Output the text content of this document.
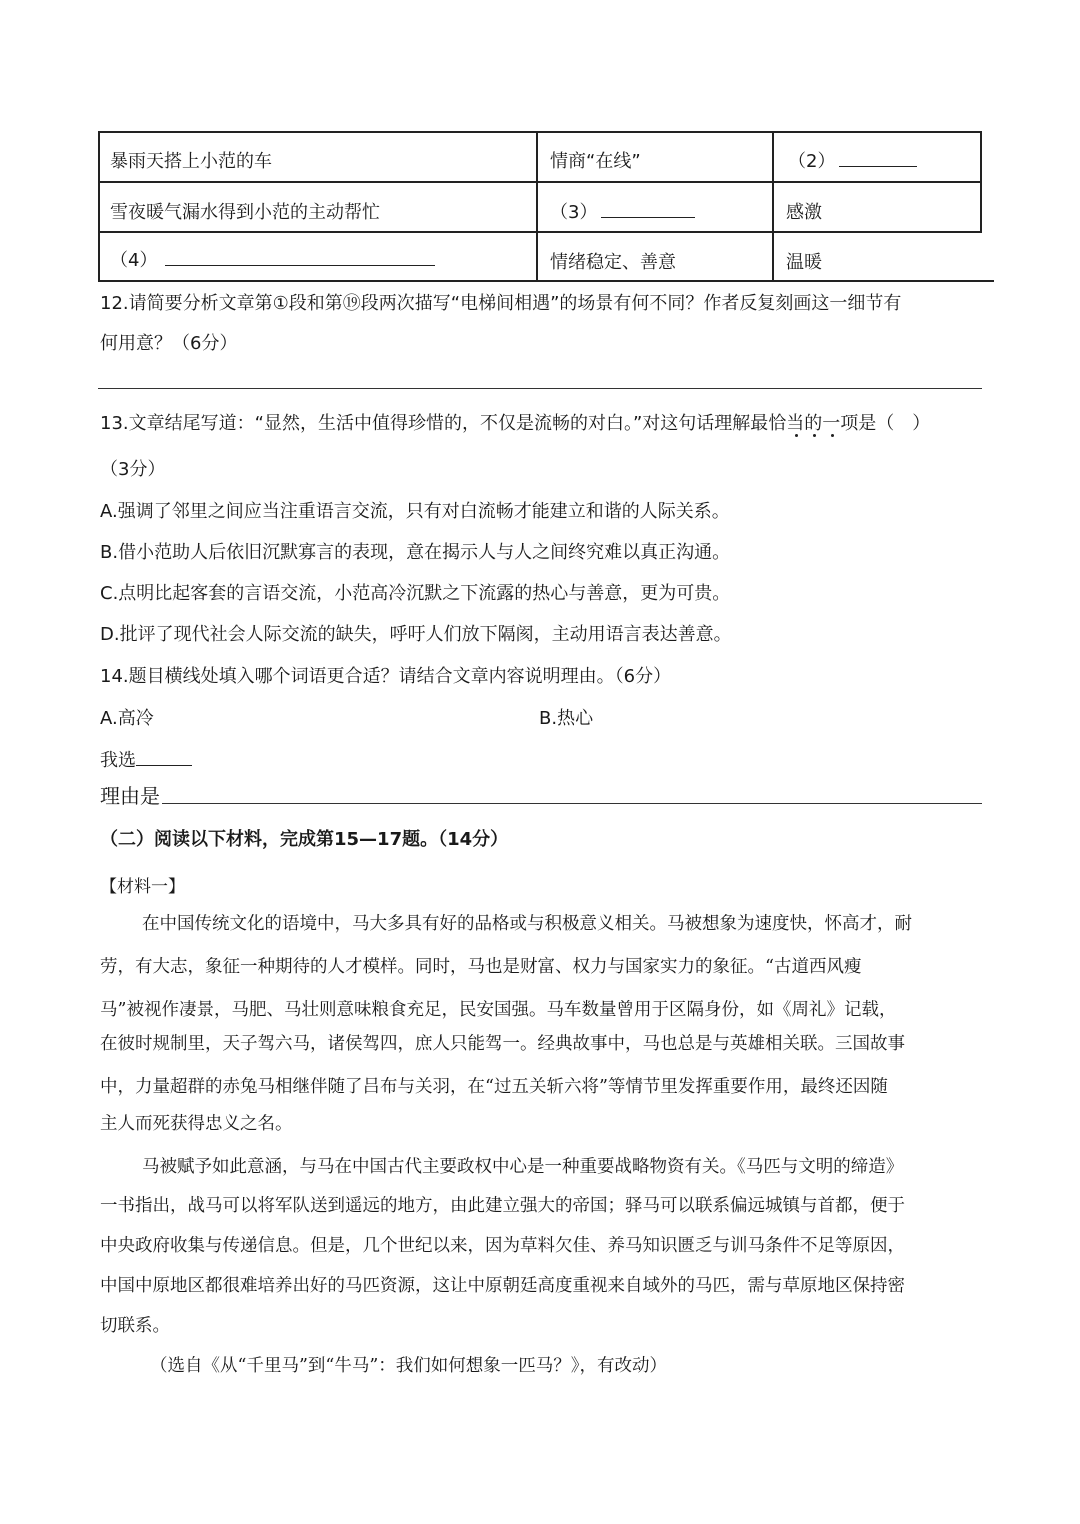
暴雨天搭上小范的车	情商“在线”	（2）
雪夜暖气漏水得到小范的主动帮忙	（3）	感激
（4）	情绪稳定、善意	温暖
12.请简要分析文章第①段和第⑲段两次描写“电梯间相遇”的场景有何不同？作者反复刻画这一细节有
何用意？（6分）
13.文章结尾写道：“显然，生活中值得珍惜的，不仅是流畅的对白。”对这句话理解最恰当的一项是（　）
（3分）
A.强调了邻里之间应当注重语言交流，只有对白流畅才能建立和谐的人际关系。
B.借小范助人后依旧沉默寡言的表现，意在揭示人与人之间终究难以真正沟通。
C.点明比起客套的言语交流，小范高冷沉默之下流露的热心与善意，更为可贵。
D.批评了现代社会人际交流的缺失，呼吁人们放下隔阂，主动用语言表达善意。
14.题目横线处填入哪个词语更合适？请结合文章内容说明理由。（6分）
A.高冷	B.热心
我选
理由是
（二）阅读以下材料，完成第15—17题。（14分）
【材料一】
在中国传统文化的语境中，马大多具有好的品格或与积极意义相关。马被想象为速度快，怀高才，耐
劳，有大志，象征一种期待的人才模样。同时，马也是财富、权力与国家实力的象征。“古道西风瘦
马”被视作凄景，马肥、马壮则意味粮食充足，民安国强。马车数量曾用于区隔身份，如《周礼》记载，
在彼时规制里，天子驾六马，诸侯驾四，庶人只能驾一。经典故事中，马也总是与英雄相关联。三国故事
中，力量超群的赤兔马相继伴随了吕布与关羽，在“过五关斩六将”等情节里发挥重要作用，最终还因随
主人而死获得忠义之名。
马被赋予如此意涵，与马在中国古代主要政权中心是一种重要战略物资有关。《马匹与文明的缔造》
一书指出，战马可以将军队送到遥远的地方，由此建立强大的帝国；驿马可以联系偏远城镇与首都，便于
中央政府收集与传递信息。但是，几个世纪以来，因为草料欠佳、养马知识匮乏与训马条件不足等原因，
中国中原地区都很难培养出好的马匹资源，这让中原朝廷高度重视来自域外的马匹，需与草原地区保持密
切联系。
（选自《从“千里马”到“牛马”：我们如何想象一匹马？》，有改动）
